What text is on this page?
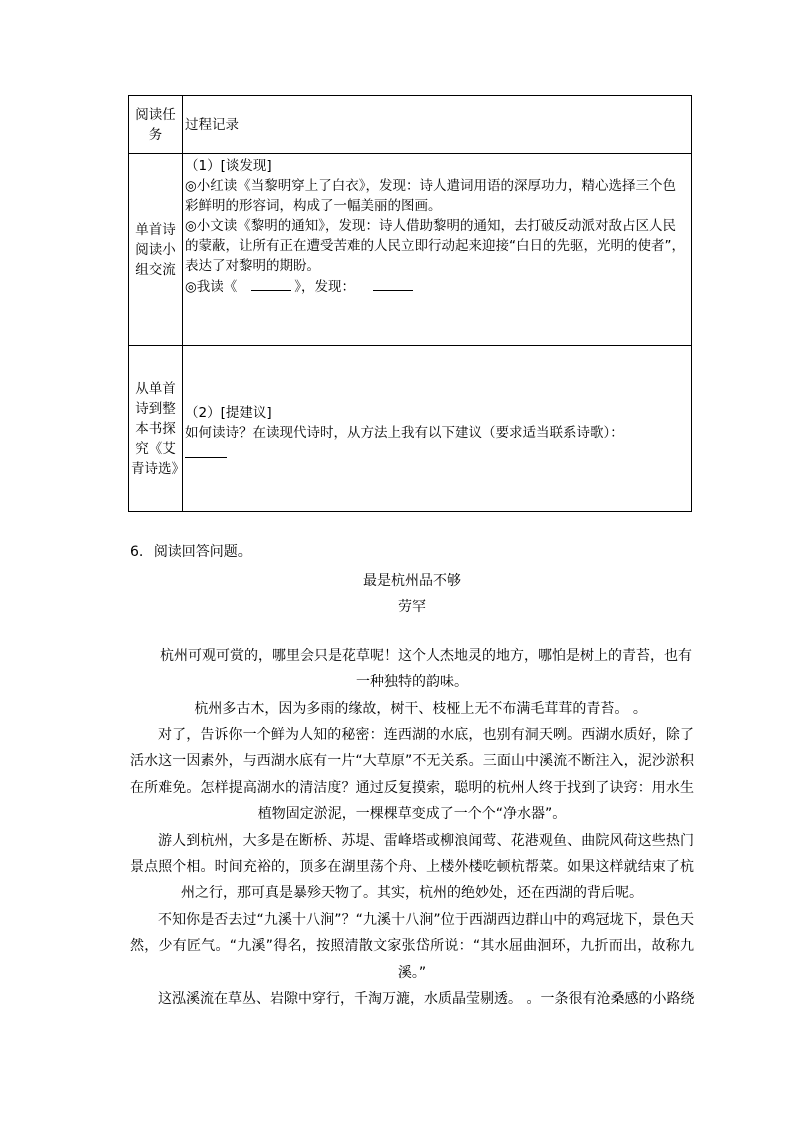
阅读任务	过程记录
单首诗阅读小组交流	（1）[谈发现]
◎小红读《当黎明穿上了白衣》，发现：诗人遣词用语的深厚功力，精心选择三个色彩鲜明的形容词，构成了一幅美丽的图画。
◎小文读《黎明的通知》，发现：诗人借助黎明的通知，去打破反动派对敌占区人民的蒙蔽，让所有正在遭受苦难的人民立即行动起来迎接“白日的先驱，光明的使者”，表达了对黎明的期盼。
◎我读《 》，发现：

从单首诗到整本书探究《艾青诗选》	（2）[提建议]
如何读诗？在读现代诗时，从方法上我有以下建议（要求适当联系诗歌）：
6. 阅读回答问题。
最是杭州品不够
劳罕

杭州可观可赏的，哪里会只是花草呢！这个人杰地灵的地方，哪怕是树上的青苔，也有一种独特的韵味。

杭州多古木，因为多雨的缘故，树干、枝桠上无不布满毛茸茸的青苔。 。

对了，告诉你一个鲜为人知的秘密：连西湖的水底，也别有洞天咧。西湖水质好，除了活水这一因素外，与西湖水底有一片“大草原”不无关系。三面山中溪流不断注入，泥沙淤积在所难免。怎样提高湖水的清洁度？通过反复摸索，聪明的杭州人终于找到了诀窍：用水生植物固定淤泥，一棵棵草变成了一个个“净水器”。

游人到杭州，大多是在断桥、苏堤、雷峰塔或柳浪闻莺、花港观鱼、曲院风荷这些热门景点照个相。时间充裕的，顶多在湖里荡个舟、上楼外楼吃顿杭帮菜。如果这样就结束了杭州之行，那可真是暴殄天物了。其实，杭州的绝妙处，还在西湖的背后呢。

不知你是否去过“九溪十八涧”？“九溪十八涧”位于西湖西边群山中的鸡冠垅下，景色天然，少有匠气。“九溪”得名，按照清散文家张岱所说：“其水屈曲洄环，九折而出，故称九溪。”

这泓溪流在草丛、岩隙中穿行，千淘万漉，水质晶莹剔透。 。一条很有沧桑感的小路绕
